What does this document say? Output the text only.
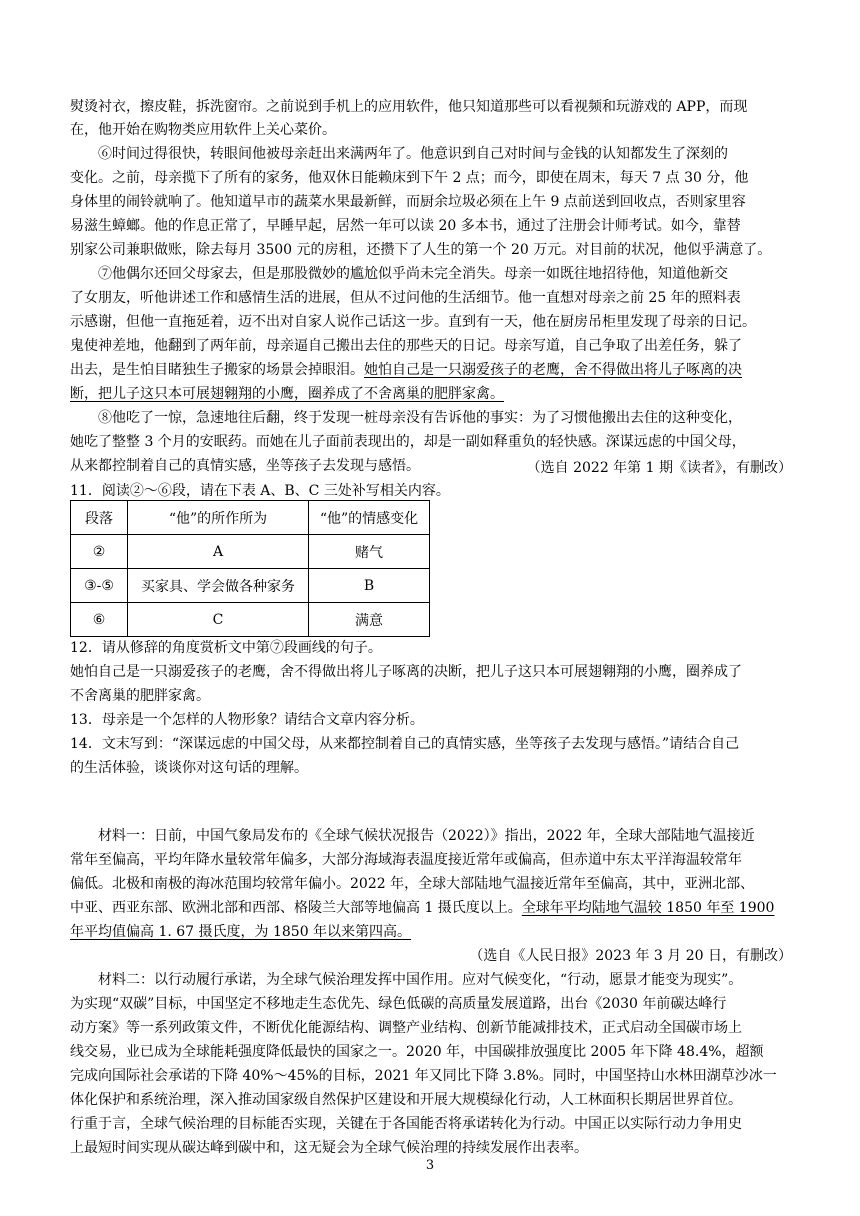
熨烫衬衣，擦皮鞋，拆洗窗帘。之前说到手机上的应用软件，他只知道那些可以看视频和玩游戏的 APP，而现
在，他开始在购物类应用软件上关心菜价。
⑥时间过得很快，转眼间他被母亲赶出来满两年了。他意识到自己对时间与金钱的认知都发生了深刻的
变化。之前，母亲揽下了所有的家务，他双休日能赖床到下午 2 点；而今，即使在周末，每天 7 点 30 分，他
身体里的闹铃就响了。他知道早市的蔬菜水果最新鲜，而厨余垃圾必须在上午 9 点前送到回收点，否则家里容
易滋生蟑螂。他的作息正常了，早睡早起，居然一年可以读 20 多本书，通过了注册会计师考试。如今，靠替
别家公司兼职做账，除去每月 3500 元的房租，还攒下了人生的第一个 20 万元。对目前的状况，他似乎满意了。
⑦他偶尔还回父母家去，但是那股微妙的尴尬似乎尚未完全消失。母亲一如既往地招待他，知道他新交
了女朋友，听他讲述工作和感情生活的进展，但从不过问他的生活细节。他一直想对母亲之前 25 年的照料表
示感谢，但他一直拖延着，迈不出对自家人说作己话这一步。直到有一天，他在厨房吊柜里发现了母亲的日记。
鬼使神差地，他翻到了两年前，母亲逼自己搬出去住的那些天的日记。母亲写道，自己争取了出差任务，躲了
出去，是生怕目睹独生子搬家的场景会掉眼泪。她怕自己是一只溺爱孩子的老鹰，舍不得做出将儿子啄离的决
断，把儿子这只本可展翅翱翔的小鹰，圈养成了不舍离巢的肥胖家禽。
⑧他吃了一惊，急速地往后翻，终于发现一桩母亲没有告诉他的事实：为了习惯他搬出去住的这种变化，
她吃了整整 3 个月的安眠药。而她在儿子面前表现出的，却是一副如释重负的轻快感。深谋远虑的中国父母，
从来都控制着自己的真情实感，坐等孩子去发现与感悟。	（选自 2022 年第 1 期《读者》，有删改）
11．阅读②～⑥段，请在下表 A、B、C 三处补写相关内容。
段落	“他”的所作所为	“他”的情感变化
②	A	赌气
③-⑤	买家具、学会做各种家务	B
⑥	C	满意
12．请从修辞的角度赏析文中第⑦段画线的句子。
她怕自己是一只溺爱孩子的老鹰，舍不得做出将儿子啄离的决断，把儿子这只本可展翅翱翔的小鹰，圈养成了
不舍离巢的肥胖家禽。
13．母亲是一个怎样的人物形象？请结合文章内容分析。
14．文末写到：“深谋远虑的中国父母，从来都控制着自己的真情实感，坐等孩子去发现与感悟。”请结合自己
的生活体验，谈谈你对这句话的理解。
材料一：日前，中国气象局发布的《全球气候状况报告（2022）》指出，2022 年，全球大部陆地气温接近
常年至偏高，平均年降水量较常年偏多，大部分海域海表温度接近常年或偏高，但赤道中东太平洋海温较常年
偏低。北极和南极的海冰范围均较常年偏小。2022 年，全球大部陆地气温接近常年至偏高，其中，亚洲北部、
中亚、西亚东部、欧洲北部和西部、格陵兰大部等地偏高 1 摄氏度以上。全球年平均陆地气温较 1850 年至 1900
年平均值偏高 1. 67 摄氏度，为 1850 年以来第四高。
（选自《人民日报》2023 年 3 月 20 日，有删改）
材料二：以行动履行承诺，为全球气候治理发挥中国作用。应对气候变化，“行动，愿景才能变为现实”。
为实现“双碳”目标，中国坚定不移地走生态优先、绿色低碳的高质量发展道路，出台《2030 年前碳达峰行
动方案》等一系列政策文件，不断优化能源结构、调整产业结构、创新节能减排技术，正式启动全国碳市场上
线交易，业已成为全球能耗强度降低最快的国家之一。2020 年，中国碳排放强度比 2005 年下降 48.4%，超额
完成向国际社会承诺的下降 40%～45%的目标，2021 年又同比下降 3.8%。同时，中国坚持山水林田湖草沙冰一
体化保护和系统治理，深入推动国家级自然保护区建设和开展大规模绿化行动，人工林面积长期居世界首位。
行重于言，全球气候治理的目标能否实现，关键在于各国能否将承诺转化为行动。中国正以实际行动力争用史
上最短时间实现从碳达峰到碳中和，这无疑会为全球气候治理的持续发展作出表率。
3
